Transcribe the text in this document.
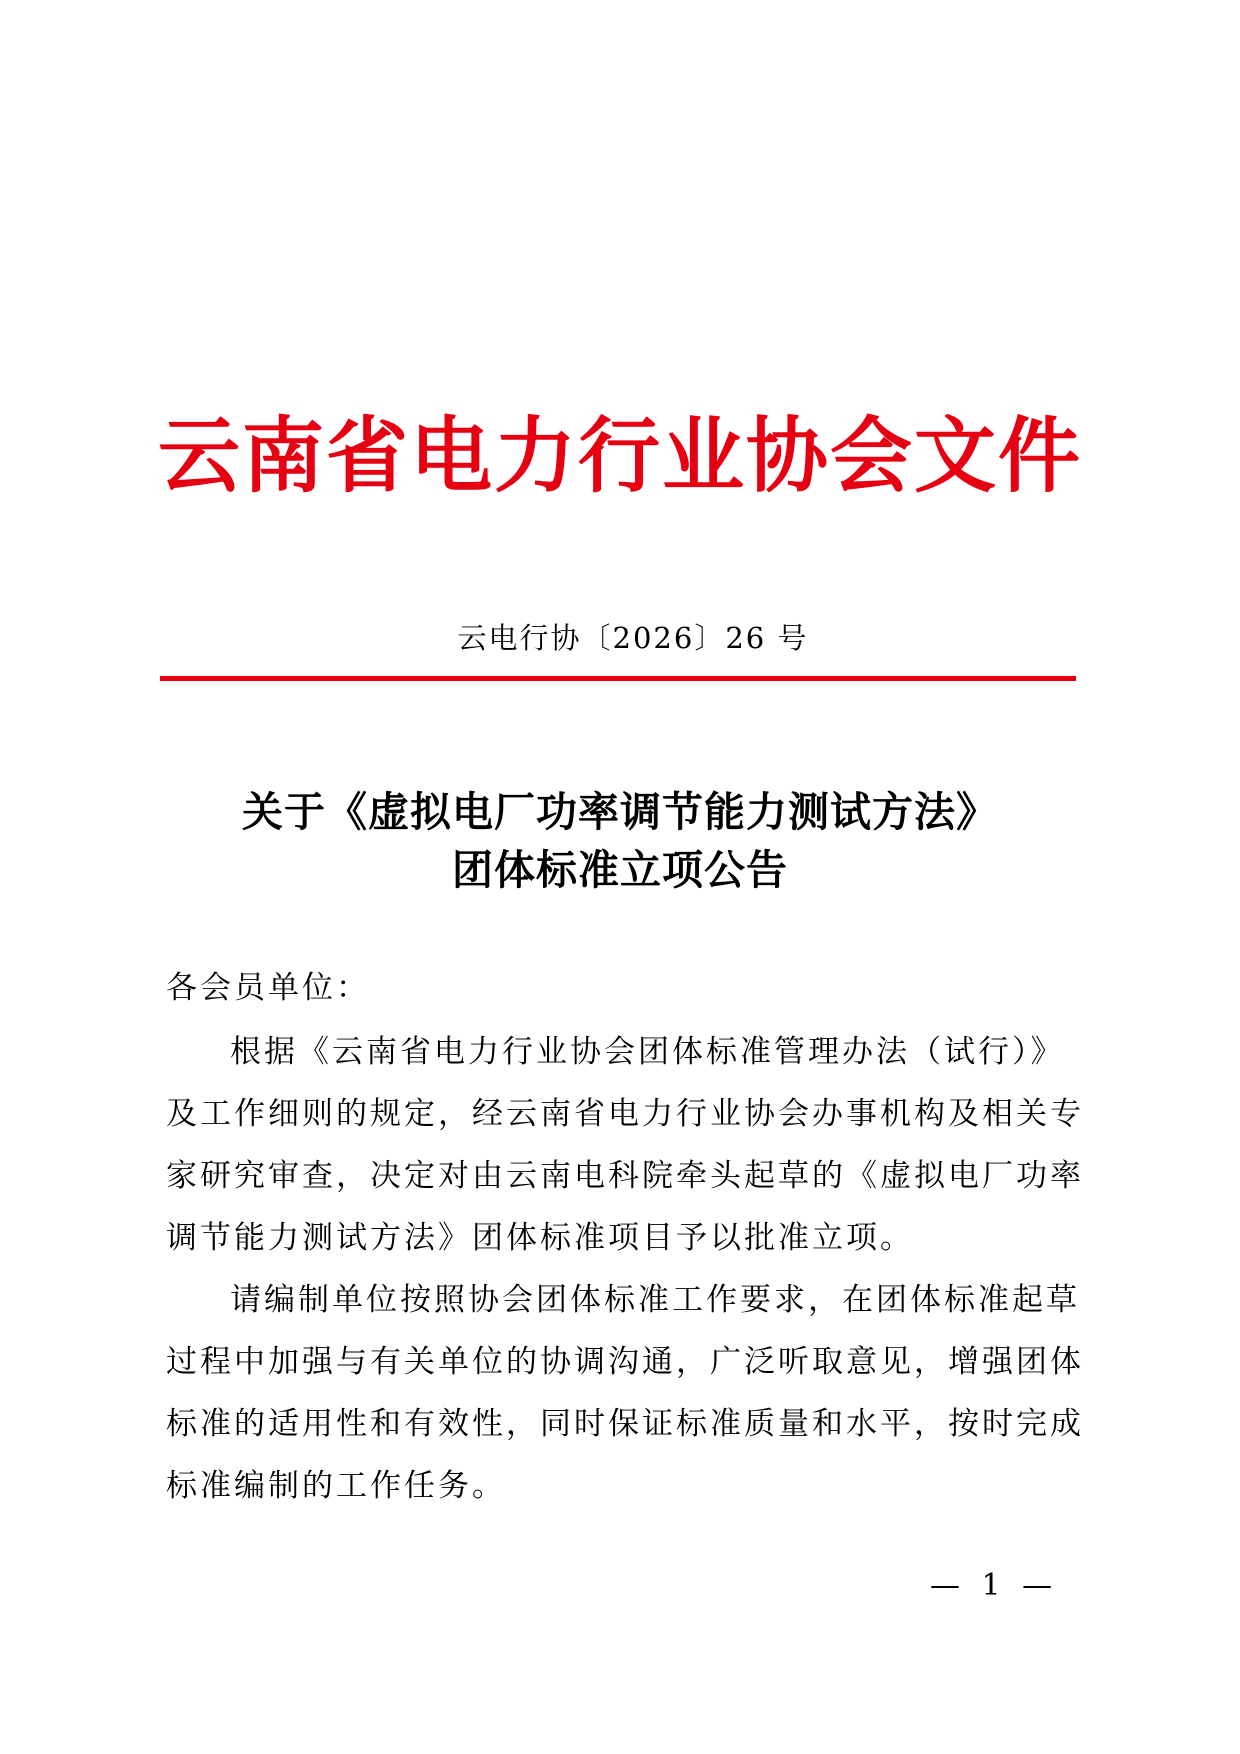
云南省电力行业协会文件
云电行协〔2026〕26 号
关于《虚拟电厂功率调节能力测试方法》
团体标准立项公告
各会员单位：
根据《云南省电力行业协会团体标准管理办法（试行）》
及工作细则的规定，经云南省电力行业协会办事机构及相关专
家研究审查，决定对由云南电科院牵头起草的《虚拟电厂功率
调节能力测试方法》团体标准项目予以批准立项。
请编制单位按照协会团体标准工作要求，在团体标准起草
过程中加强与有关单位的协调沟通，广泛听取意见，增强团体
标准的适用性和有效性，同时保证标准质量和水平，按时完成
标准编制的工作任务。
— 1 —
